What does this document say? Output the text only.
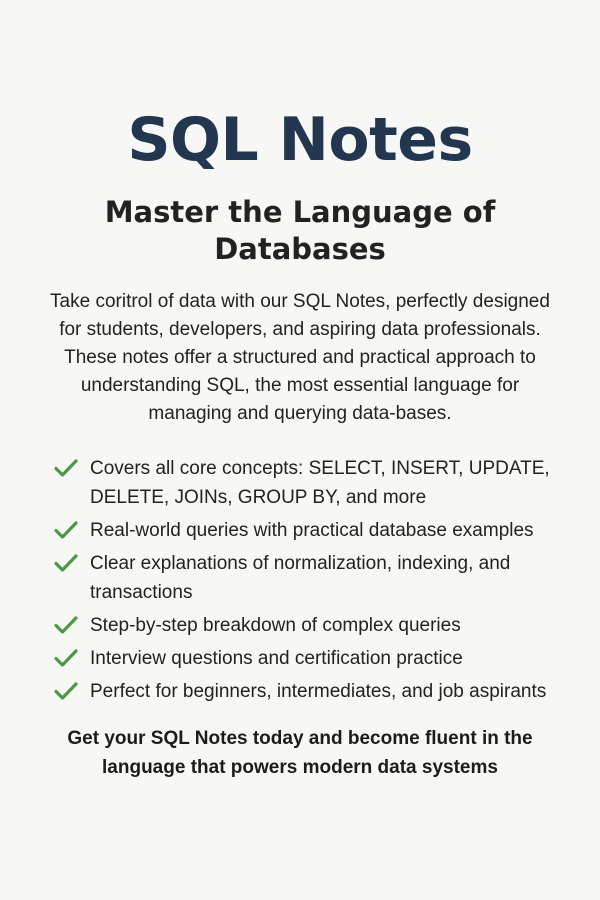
SQL Notes
Master the Language of Databases

Take coritrol of data with our SQL Notes, perfectly designed for students, developers, and aspiring data professionals. These notes offer a structured and practical approach to understanding SQL, the most essential language for managing and querying data-bases.

Covers all core concepts: SELECT, INSERT, UPDATE, DELETE, JOINs, GROUP BY, and more
Real-world queries with practical database examples
Clear explanations of normalization, indexing, and transactions
Step-by-step breakdown of complex queries
Interview questions and certification practice
Perfect for beginners, intermediates, and job aspirants

Get your SQL Notes today and become fluent in the language that powers modern data systems
